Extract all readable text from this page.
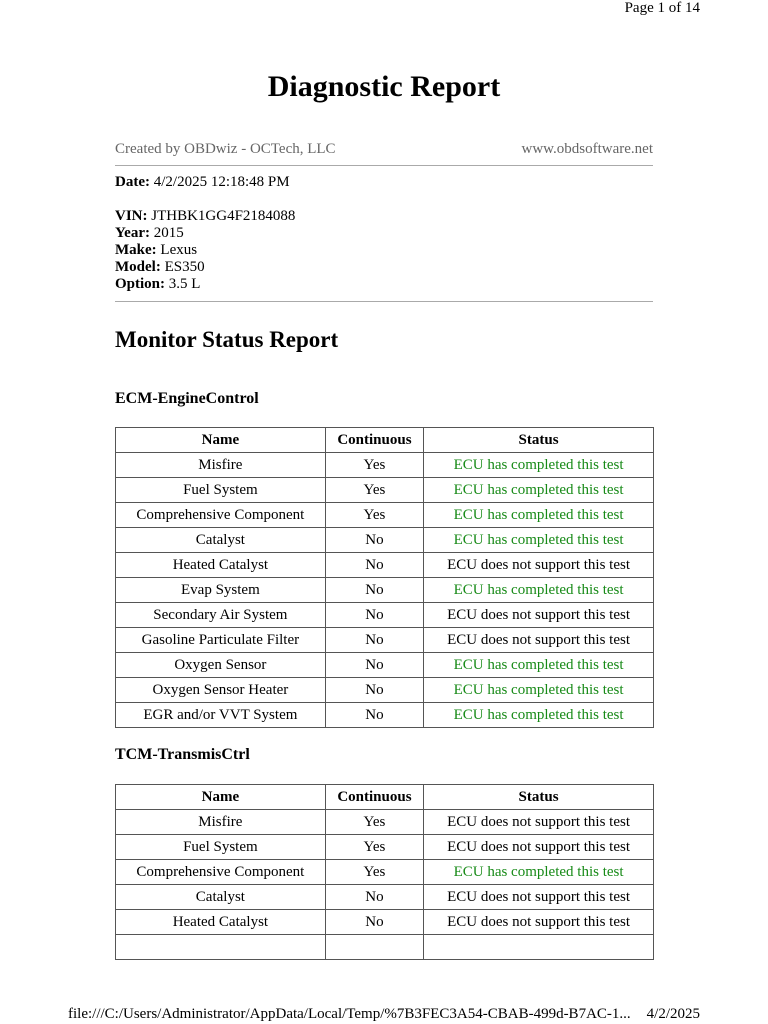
Page 1 of 14
Diagnostic Report
Created by OBDwiz - OCTech, LLC	www.obdsoftware.net
Date: 4/2/2025 12:18:48 PM
VIN: JTHBK1GG4F2184088
Year: 2015
Make: Lexus
Model: ES350
Option: 3.5 L
Monitor Status Report
ECM-EngineControl
Name	Continuous	Status
Misfire	Yes	ECU has completed this test
Fuel System	Yes	ECU has completed this test
Comprehensive Component	Yes	ECU has completed this test
Catalyst	No	ECU has completed this test
Heated Catalyst	No	ECU does not support this test
Evap System	No	ECU has completed this test
Secondary Air System	No	ECU does not support this test
Gasoline Particulate Filter	No	ECU does not support this test
Oxygen Sensor	No	ECU has completed this test
Oxygen Sensor Heater	No	ECU has completed this test
EGR and/or VVT System	No	ECU has completed this test
TCM-TransmisCtrl
Name	Continuous	Status
Misfire	Yes	ECU does not support this test
Fuel System	Yes	ECU does not support this test
Comprehensive Component	Yes	ECU has completed this test
Catalyst	No	ECU does not support this test
Heated Catalyst	No	ECU does not support this test

file:///C:/Users/Administrator/AppData/Local/Temp/%7B3FEC3A54-CBAB-499d-B7AC-1... 4/2/2025
